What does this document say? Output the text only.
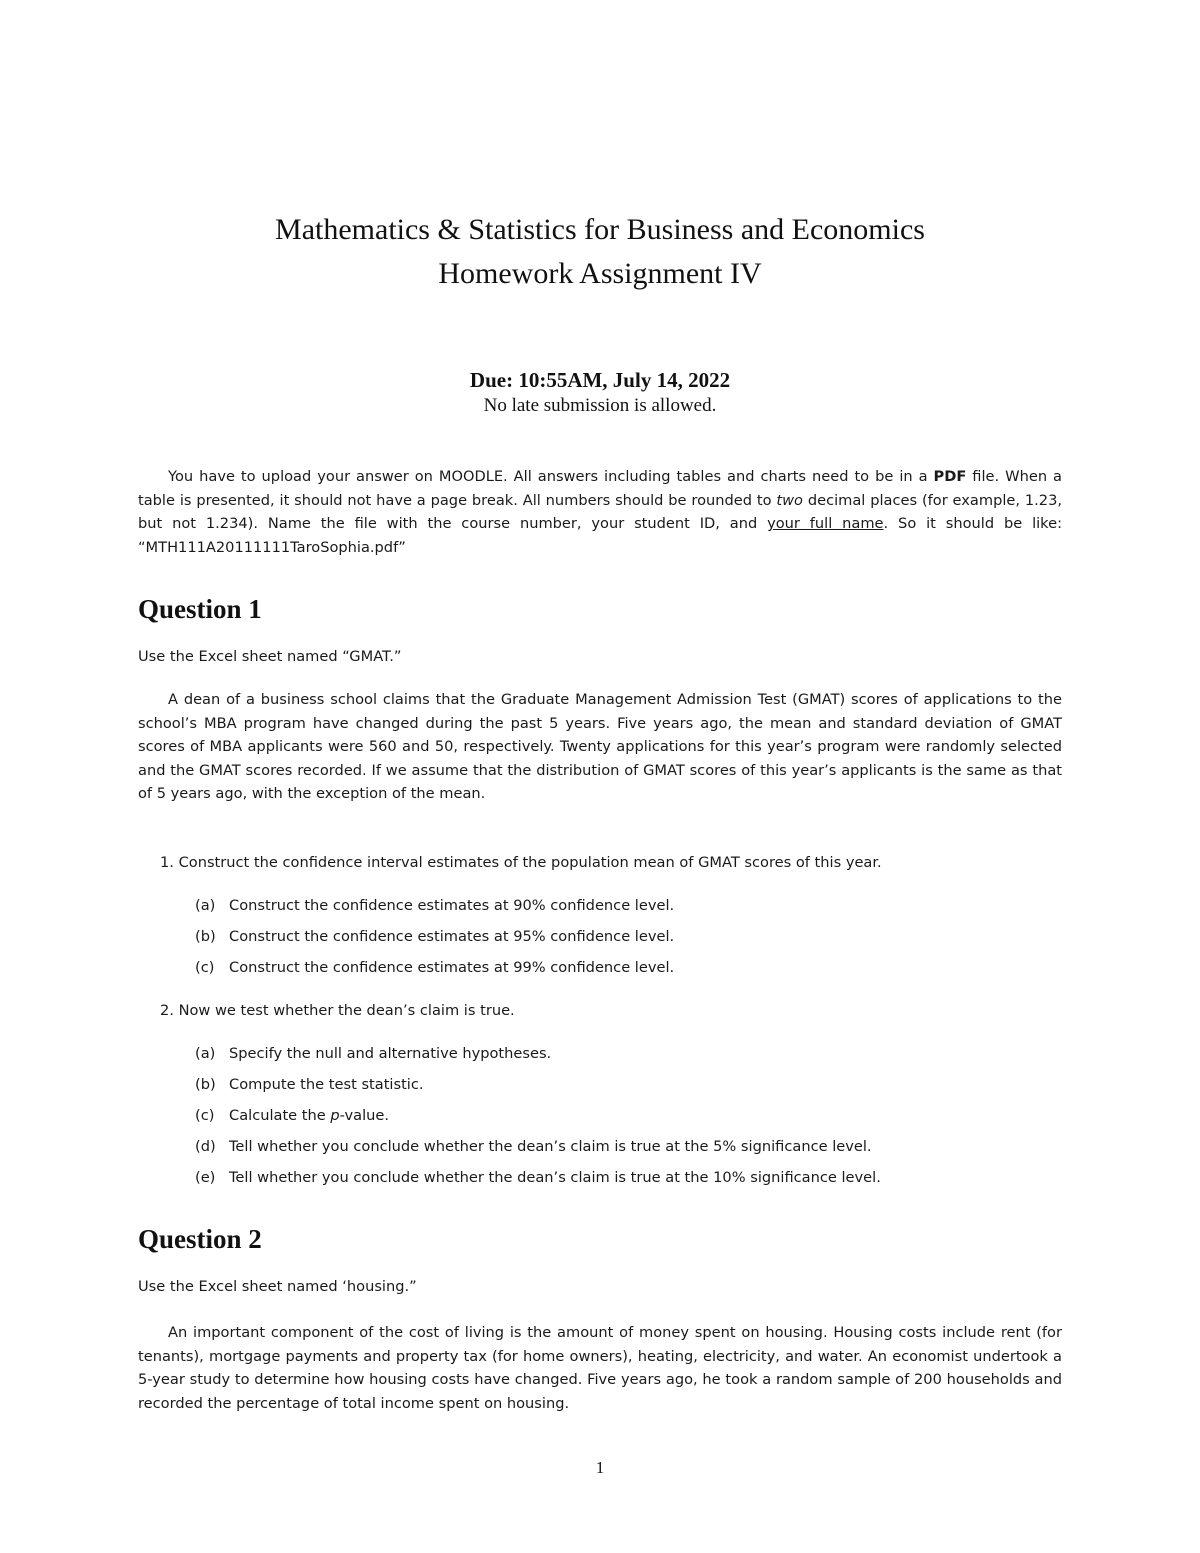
Mathematics & Statistics for Business and Economics
Homework Assignment IV
Due: 10:55AM, July 14, 2022
No late submission is allowed.
You have to upload your answer on MOODLE. All answers including tables and charts need to be in a PDF file. When a table is presented, it should not have a page break. All numbers should be rounded to two decimal places (for example, 1.23, but not 1.234). Name the file with the course number, your student ID, and your full name. So it should be like: “MTH111A20111111TaroSophia.pdf”
Question 1
Use the Excel sheet named “GMAT.”
A dean of a business school claims that the Graduate Management Admission Test (GMAT) scores of applications to the school’s MBA program have changed during the past 5 years. Five years ago, the mean and standard deviation of GMAT scores of MBA applicants were 560 and 50, respectively. Twenty applications for this year’s program were randomly selected and the GMAT scores recorded. If we assume that the distribution of GMAT scores of this year’s applicants is the same as that of 5 years ago, with the exception of the mean.
1. Construct the confidence interval estimates of the population mean of GMAT scores of this year.
(a) Construct the confidence estimates at 90% confidence level.
(b) Construct the confidence estimates at 95% confidence level.
(c) Construct the confidence estimates at 99% confidence level.
2. Now we test whether the dean’s claim is true.
(a) Specify the null and alternative hypotheses.
(b) Compute the test statistic.
(c) Calculate the p-value.
(d) Tell whether you conclude whether the dean’s claim is true at the 5% significance level.
(e) Tell whether you conclude whether the dean’s claim is true at the 10% significance level.
Question 2
Use the Excel sheet named ‘housing.”
An important component of the cost of living is the amount of money spent on housing. Housing costs include rent (for tenants), mortgage payments and property tax (for home owners), heating, electricity, and water. An economist undertook a 5-year study to determine how housing costs have changed. Five years ago, he took a random sample of 200 households and recorded the percentage of total income spent on housing.
1
